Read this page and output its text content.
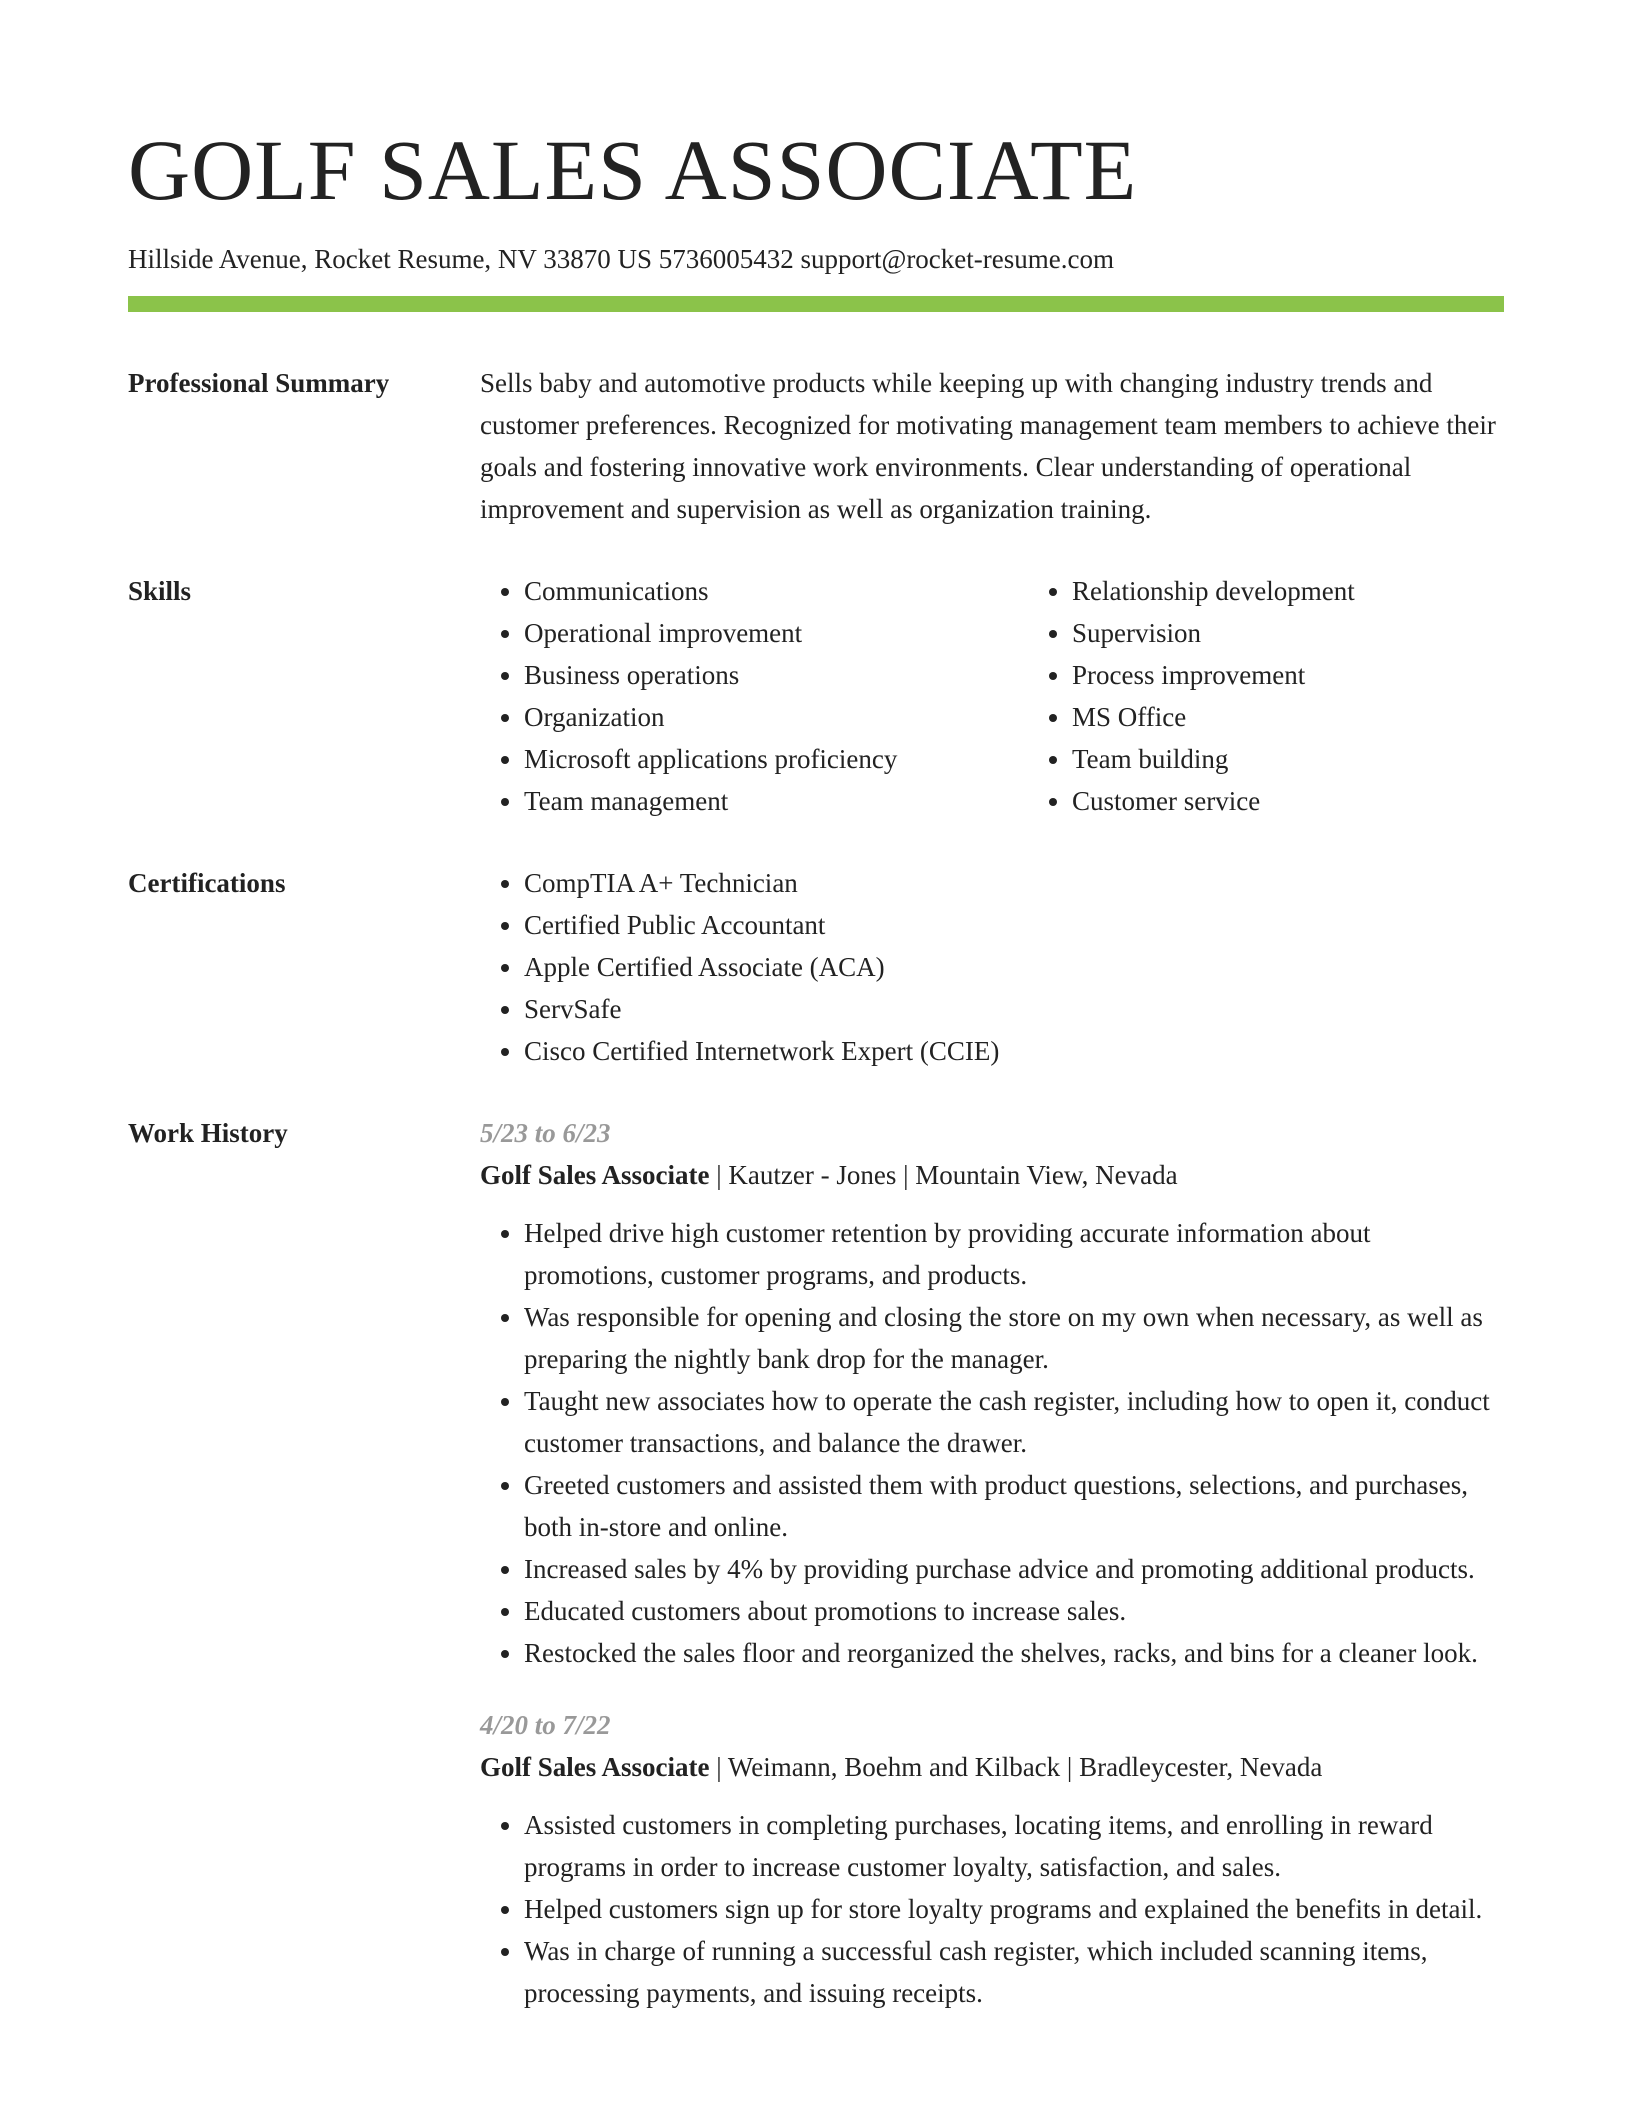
GOLF SALES ASSOCIATE
Hillside Avenue, Rocket Resume, NV 33870 US 5736005432 support@rocket-resume.com
Professional Summary	Sells baby and automotive products while keeping up with changing industry trends and customer preferences. Recognized for motivating management team members to achieve their goals and fostering innovative work environments. Clear understanding of operational improvement and supervision as well as organization training.

Skills	• Communications
• Operational improvement
• Business operations
• Organization
• Microsoft applications proficiency
• Team management
• Relationship development
• Supervision
• Process improvement
• MS Office
• Team building
• Customer service
Certifications	• CompTIA A+ Technician
• Certified Public Accountant
• Apple Certified Associate (ACA)
• ServSafe
• Cisco Certified Internetwork Expert (CCIE)
Work History	5/23 to 6/23
Golf Sales Associate | Kautzer - Jones | Mountain View, Nevada
• Helped drive high customer retention by providing accurate information about promotions, customer programs, and products.
• Was responsible for opening and closing the store on my own when necessary, as well as preparing the nightly bank drop for the manager.
• Taught new associates how to operate the cash register, including how to open it, conduct customer transactions, and balance the drawer.
• Greeted customers and assisted them with product questions, selections, and purchases, both in-store and online.
• Increased sales by 4% by providing purchase advice and promoting additional products.
• Educated customers about promotions to increase sales.
• Restocked the sales floor and reorganized the shelves, racks, and bins for a cleaner look.
4/20 to 7/22
Golf Sales Associate | Weimann, Boehm and Kilback | Bradleycester, Nevada
• Assisted customers in completing purchases, locating items, and enrolling in reward programs in order to increase customer loyalty, satisfaction, and sales.
• Helped customers sign up for store loyalty programs and explained the benefits in detail.
• Was in charge of running a successful cash register, which included scanning items, processing payments, and issuing receipts.
